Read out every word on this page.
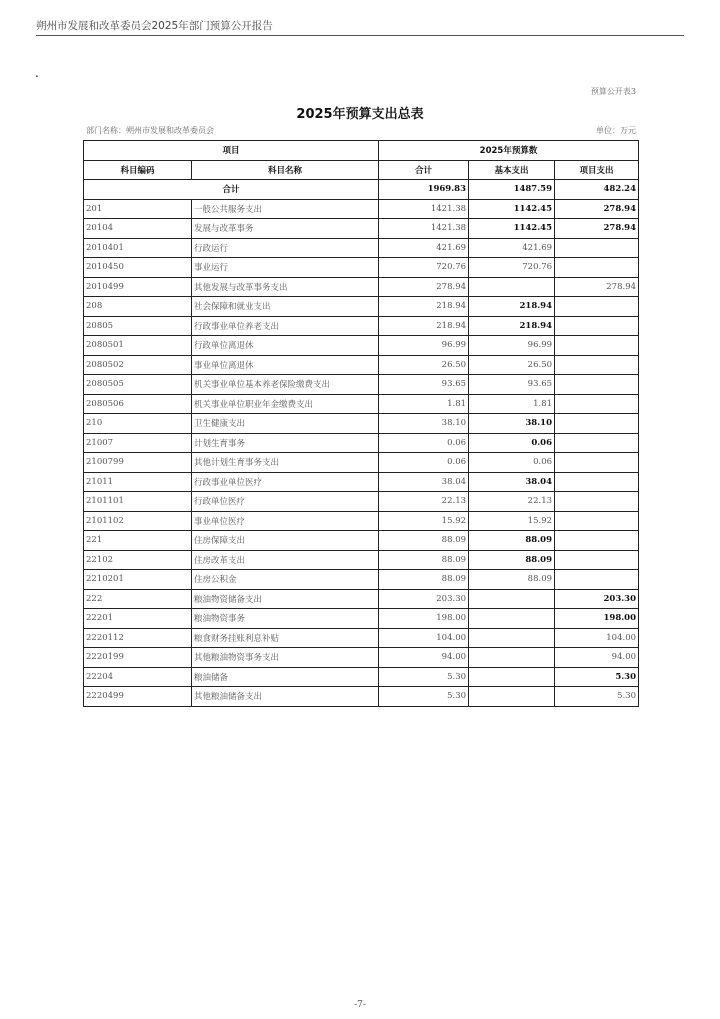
朔州市发展和改革委员会2025年部门预算公开报告
.
预算公开表3
2025年预算支出总表
部门名称：朔州市发展和改革委员会	单位：万元
项目		2025年预算数		
科目编码	科目名称	合计	基本支出	项目支出
合计		1969.83	1487.59	482.24
201	一般公共服务支出	1421.38	1142.45	278.94
20104	发展与改革事务	1421.38	1142.45	278.94
2010401	行政运行	421.69	421.69	
2010450	事业运行	720.76	720.76	
2010499	其他发展与改革事务支出	278.94		278.94
208	社会保障和就业支出	218.94	218.94	
20805	行政事业单位养老支出	218.94	218.94	
2080501	行政单位离退休	96.99	96.99	
2080502	事业单位离退休	26.50	26.50	
2080505	机关事业单位基本养老保险缴费支出	93.65	93.65	
2080506	机关事业单位职业年金缴费支出	1.81	1.81	
210	卫生健康支出	38.10	38.10	
21007	计划生育事务	0.06	0.06	
2100799	其他计划生育事务支出	0.06	0.06	
21011	行政事业单位医疗	38.04	38.04	
2101101	行政单位医疗	22.13	22.13	
2101102	事业单位医疗	15.92	15.92	
221	住房保障支出	88.09	88.09	
22102	住房改革支出	88.09	88.09	
2210201	住房公积金	88.09	88.09	
222	粮油物资储备支出	203.30		203.30
22201	粮油物资事务	198.00		198.00
2220112	粮食财务挂账利息补贴	104.00		104.00
2220199	其他粮油物资事务支出	94.00		94.00
22204	粮油储备	5.30		5.30
2220499	其他粮油储备支出	5.30		5.30
-7-
